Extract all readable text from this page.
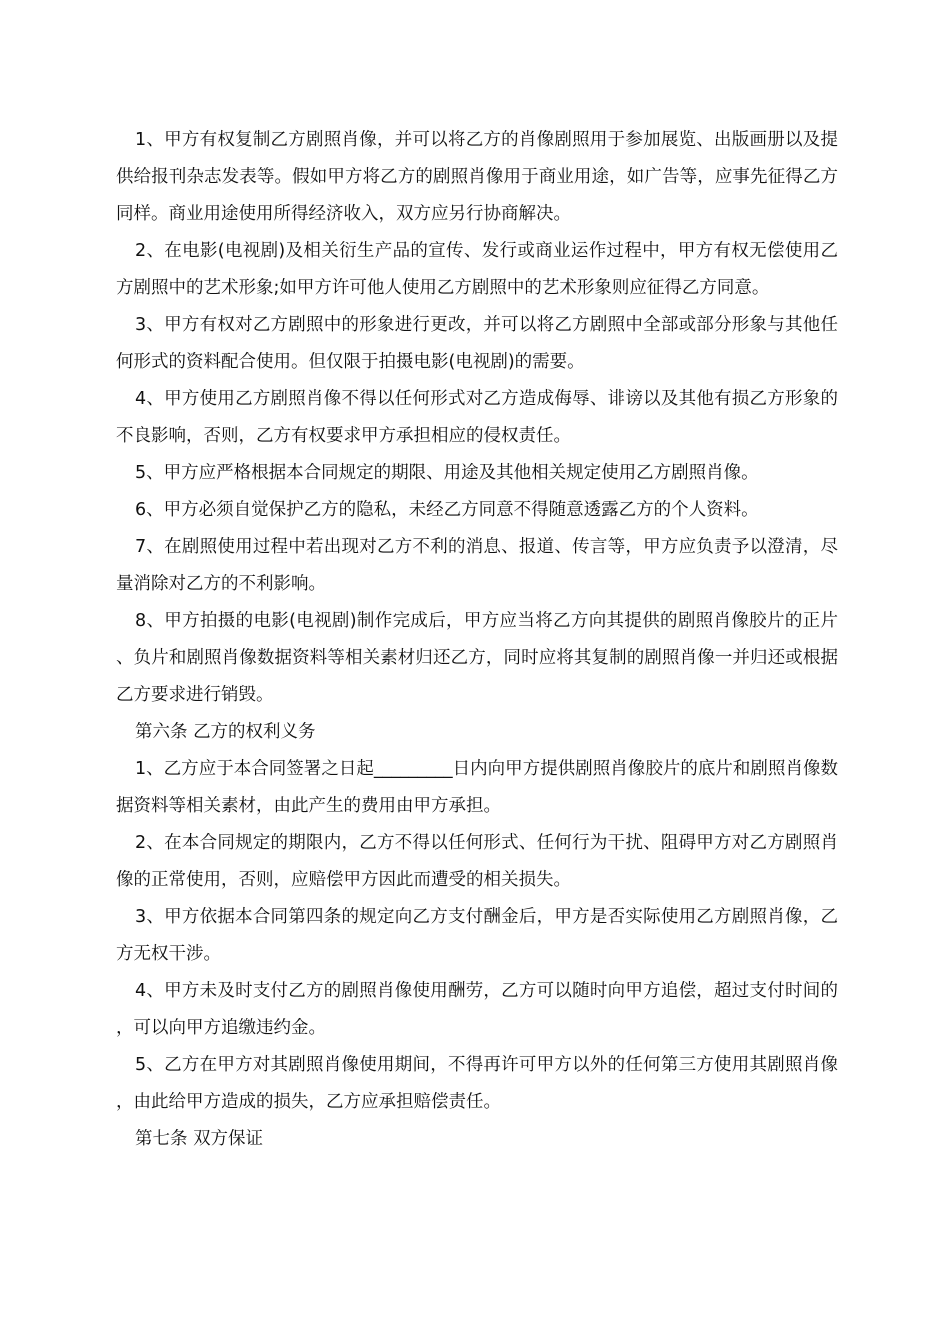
1、甲方有权复制乙方剧照肖像，并可以将乙方的肖像剧照用于参加展览、出版画册以及提供给报刊杂志发表等。假如甲方将乙方的剧照肖像用于商业用途，如广告等，应事先征得乙方同样。商业用途使用所得经济收入，双方应另行协商解决。

2、在电影(电视剧)及相关衍生产品的宣传、发行或商业运作过程中，甲方有权无偿使用乙方剧照中的艺术形象;如甲方许可他人使用乙方剧照中的艺术形象则应征得乙方同意。

3、甲方有权对乙方剧照中的形象进行更改，并可以将乙方剧照中全部或部分形象与其他任何形式的资料配合使用。但仅限于拍摄电影(电视剧)的需要。

4、甲方使用乙方剧照肖像不得以任何形式对乙方造成侮辱、诽谤以及其他有损乙方形象的不良影响，否则，乙方有权要求甲方承担相应的侵权责任。

5、甲方应严格根据本合同规定的期限、用途及其他相关规定使用乙方剧照肖像。

6、甲方必须自觉保护乙方的隐私，未经乙方同意不得随意透露乙方的个人资料。

7、在剧照使用过程中若出现对乙方不利的消息、报道、传言等，甲方应负责予以澄清，尽量消除对乙方的不利影响。

8、甲方拍摄的电影(电视剧)制作完成后，甲方应当将乙方向其提供的剧照肖像胶片的正片、负片和剧照肖像数据资料等相关素材归还乙方，同时应将其复制的剧照肖像一并归还或根据乙方要求进行销毁。

第六条 乙方的权利义务

1、乙方应于本合同签署之日起_________日内向甲方提供剧照肖像胶片的底片和剧照肖像数据资料等相关素材，由此产生的费用由甲方承担。

2、在本合同规定的期限内，乙方不得以任何形式、任何行为干扰、阻碍甲方对乙方剧照肖像的正常使用，否则，应赔偿甲方因此而遭受的相关损失。

3、甲方依据本合同第四条的规定向乙方支付酬金后，甲方是否实际使用乙方剧照肖像，乙方无权干涉。

4、甲方未及时支付乙方的剧照肖像使用酬劳，乙方可以随时向甲方追偿，超过支付时间的，可以向甲方追缴违约金。

5、乙方在甲方对其剧照肖像使用期间，不得再许可甲方以外的任何第三方使用其剧照肖像，由此给甲方造成的损失，乙方应承担赔偿责任。

第七条 双方保证
